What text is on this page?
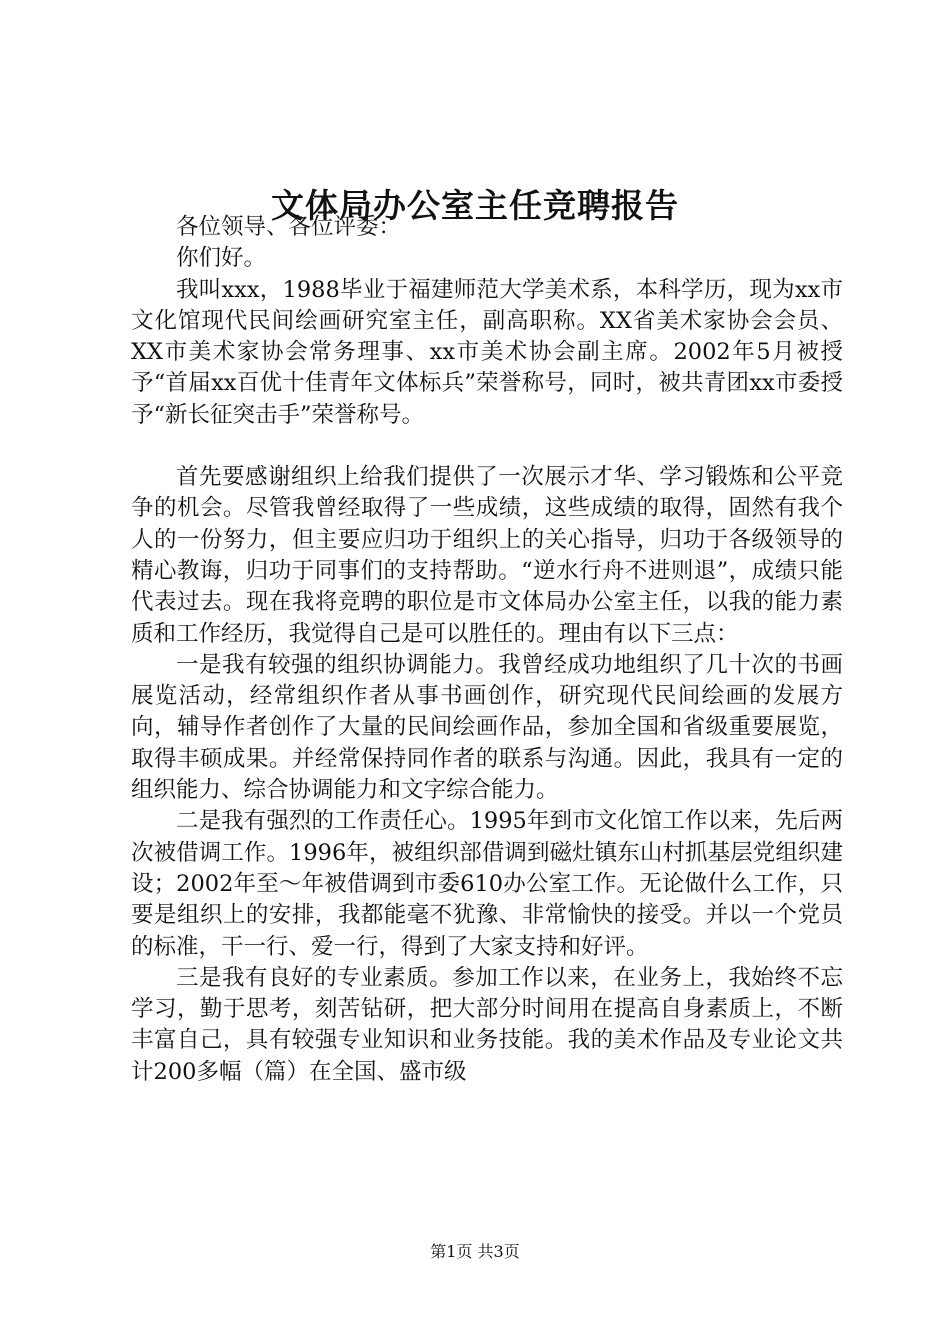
文体局办公室主任竞聘报告

各位领导、各位评委：

你们好。

我叫xxx，1988毕业于福建师范大学美术系，本科学历，现为xx市文化馆现代民间绘画研究室主任，副高职称。XX省美术家协会会员、XX市美术家协会常务理事、xx市美术协会副主席。2002年5月被授予“首届xx百优十佳青年文体标兵”荣誉称号，同时，被共青团xx市委授予“新长征突击手”荣誉称号。

首先要感谢组织上给我们提供了一次展示才华、学习锻炼和公平竞争的机会。尽管我曾经取得了一些成绩，这些成绩的取得，固然有我个人的一份努力，但主要应归功于组织上的关心指导，归功于各级领导的精心教诲，归功于同事们的支持帮助。“逆水行舟不进则退”，成绩只能代表过去。现在我将竞聘的职位是市文体局办公室主任，以我的能力素质和工作经历，我觉得自己是可以胜任的。理由有以下三点：

一是我有较强的组织协调能力。我曾经成功地组织了几十次的书画展览活动，经常组织作者从事书画创作，研究现代民间绘画的发展方向，辅导作者创作了大量的民间绘画作品，参加全国和省级重要展览，取得丰硕成果。并经常保持同作者的联系与沟通。因此，我具有一定的组织能力、综合协调能力和文字综合能力。

二是我有强烈的工作责任心。1995年到市文化馆工作以来，先后两次被借调工作。1996年，被组织部借调到磁灶镇东山村抓基层党组织建设；2002年至～年被借调到市委610办公室工作。无论做什么工作，只要是组织上的安排，我都能毫不犹豫、非常愉快的接受。并以一个党员的标准，干一行、爱一行，得到了大家支持和好评。

三是我有良好的专业素质。参加工作以来，在业务上，我始终不忘学习，勤于思考，刻苦钻研，把大部分时间用在提高自身素质上，不断丰富自己，具有较强专业知识和业务技能。我的美术作品及专业论文共计200多幅（篇）在全国、盛市级

第1页 共3页
